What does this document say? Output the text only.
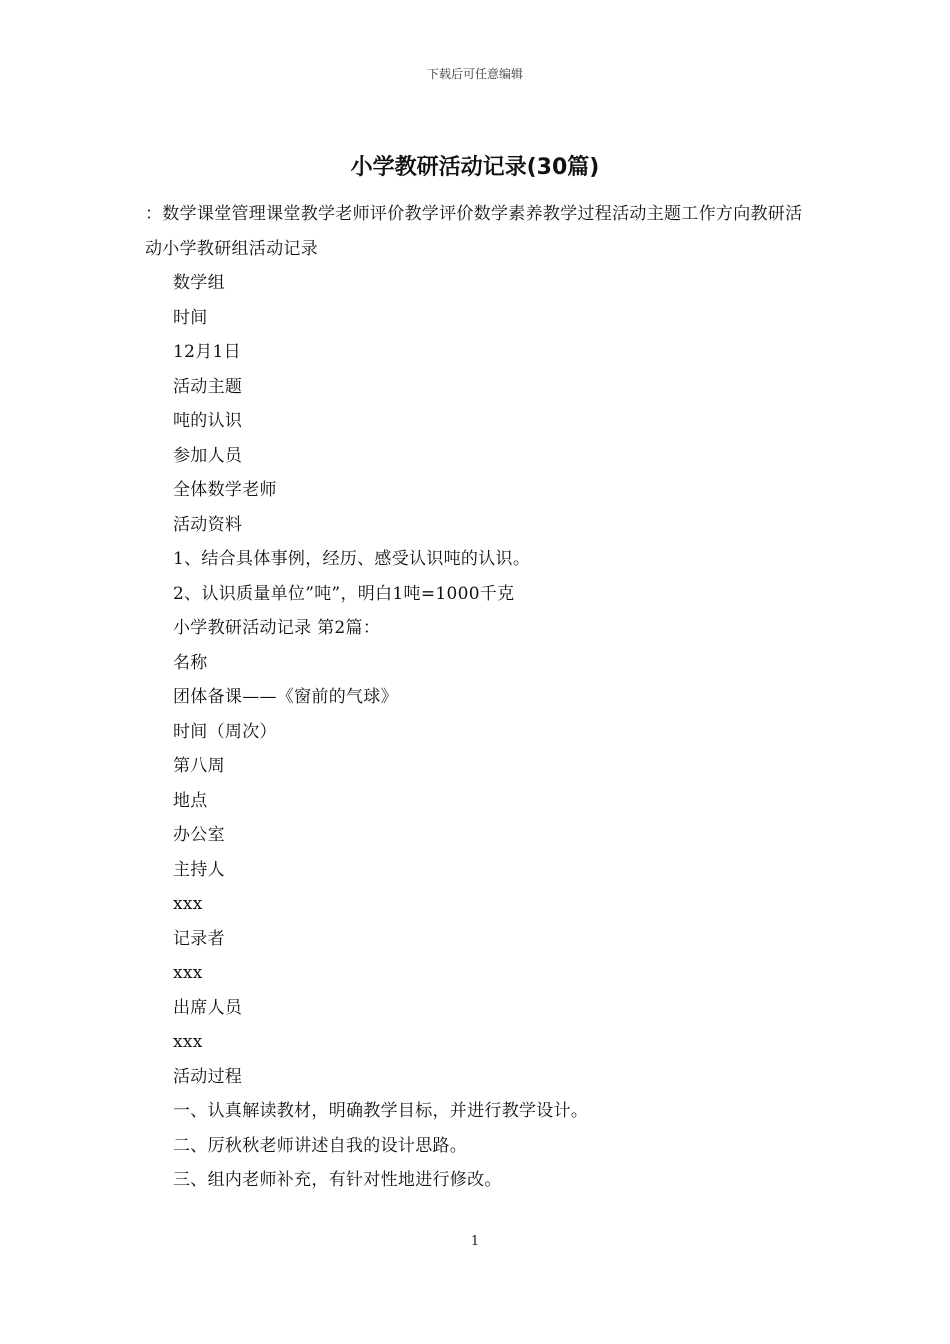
下载后可任意编辑
小学教研活动记录(30篇)
：数学课堂管理课堂教学老师评价教学评价数学素养教学过程活动主题工作方向教研活动小学教研组活动记录
数学组
时间
12月1日
活动主题
吨的认识
参加人员
全体数学老师
活动资料
1、结合具体事例，经历、感受认识吨的认识。
2、认识质量单位”吨”，明白1吨=1000千克
小学教研活动记录 第2篇：
名称
团体备课——《窗前的气球》
时间（周次）
第八周
地点
办公室
主持人
xxx
记录者
xxx
出席人员
xxx
活动过程
一、认真解读教材，明确教学目标，并进行教学设计。
二、厉秋秋老师讲述自我的设计思路。
三、组内老师补充，有针对性地进行修改。
1
